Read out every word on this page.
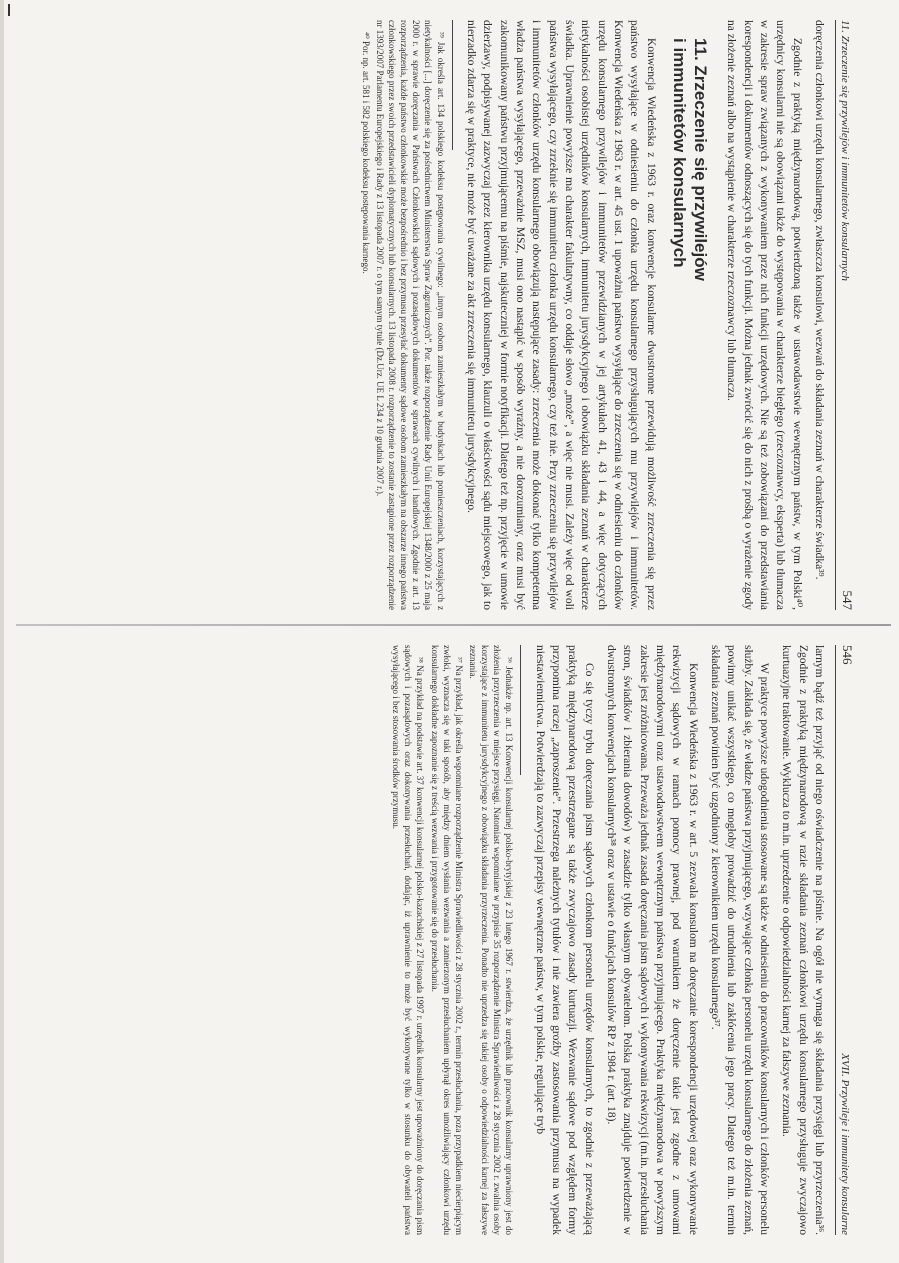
11. Zrzeczenie się przywilejów i immunitetów konsularnych
547

doręczenia członkowi urzędu konsularnego, zwłaszcza konsulowi, wezwań do składania zeznań w charakterze świadka³⁹.

Zgodnie z praktyką międzynarodową, potwierdzoną także w ustawodawstwie wewnętrznym państw, w tym Polski⁴⁰, urzędnicy konsularni nie są obowiązani także do występowania w charakterze biegłego (rzeczoznawcy, eksperta) lub tłumacza w zakresie spraw związanych z wykonywaniem przez nich funkcji urzędowych. Nie są też zobowiązani do przedstawiania korespondencji i dokumentów odnoszących się do tych funkcji. Można jednak zwrócić się do nich z prośbą o wyrażenie zgody na złożenie zeznań albo na wystąpienie w charakterze rzeczoznawcy lub tłumacza.

11. Zrzeczenie się przywilejów
i immunitetów konsularnych

Konwencja Wiedeńska z 1963 r. oraz konwencje konsularne dwustronne przewidują możliwość zrzeczenia się przez państwo wysyłające w odniesieniu do członka urzędu konsularnego przysługujących mu przywilejów i immunitetów. Konwencja Wiedeńska z 1963 r. w art. 45 ust. 1 upoważnia państwo wysyłające do zrzeczenia się w odniesieniu do członków urzędu konsularnego przywilejów i immunitetów przewidzianych w jej artykułach 41, 43 i 44, a więc dotyczących nietykalności osobistej urzędników konsularnych, immunitetu jurysdykcyjnego i obowiązku składania zeznań w charakterze świadka. Uprawnienie powyższe ma charakter fakultatywny, co oddaje słowo „może”, a więc nie musi. Zależy więc od woli państwa wysyłającego, czy zrzeknie się immunitetu członka urzędu konsularnego, czy też nie. Przy zrzeczeniu się przywilejów i immunitetów członków urzędu konsularnego obowiązują następujące zasady: zrzeczenia może dokonać tylko kompetentna władza państwa wysyłającego, przeważnie MSZ, musi ono nastąpić w sposób wyraźny, a nie dorozumiany, oraz musi być zakomunikowany państwu przyjmującemu na piśmie, najskuteczniej w formie notyfikacji. Dlatego też np. przyjęcie w umowie dzierżawy, podpisywanej zazwyczaj przez kierownika urzędu konsularnego, klauzuli o właściwości sądu miejscowego, jak to nierzadko zdarza się w praktyce, nie może być uważane za akt zrzeczenia się immunitetu jurysdykcyjnego.

³⁹ Jak określa art. 134 polskiego kodeksu postępowania cywilnego: „innym osobom zamieszkałym w budynkach lub pomieszczeniach, korzystających z nietykalności [...] doręczenie się za pośrednictwem Ministerstwa Spraw Zagranicznych”. Por. także rozporządzenie Rady Unii Europejskiej 1348/2000 z 25 maja 2000 r. w sprawie doręczania w Państwach Członkowskich sądowych i pozasądowych dokumentów w sprawach cywilnych i handlowych. Zgodnie z art. 13 rozporządzenia, każde państwo członkowskie może bezpośrednio i bez przymusu przesyłać dokumenty sądowe osobom zamieszkałym na obszarze innego państwa członkowskiego przez swoich przedstawicieli dyplomatycznych lub konsularnych. 13 listopada 2008 r. rozporządzenie to zostanie zastąpione przez rozporządzenie nr 1393/2007 Parlamentu Europejskiego i Rady z 13 listopada 2007 r. o tym samym tytule (Dz.Urz. UE L 234 z 10 grudnia 2007 r.).

⁴⁰ Por. np. art. 581 i 582 polskiego kodeksu postępowania karnego.

546
XVII. Przywileje i immunitety konsularne

larnym bądź też przyjąć od niego oświadczenie na piśmie. Na ogół nie wymaga się składania przysięgi lub przyrzeczenia³⁶. Zgodnie z praktyką międzynarodową w razie składania zeznań członkowi urzędu konsularnego przysługuje zwyczajowo kurtuazyjne traktowanie. Wyklucza to m.in. uprzedzenie o odpowiedzialności karnej za fałszywe zeznania.

W praktyce powyższe udogodnienia stosowane są także w odniesieniu do pracowników konsularnych i członków personelu służby. Zakłada się, że władze państwa przyjmującego, wzywające członka personelu urzędu konsularnego do złożenia zeznań, powinny unikać wszystkiego, co mogłoby prowadzić do utrudnienia lub zakłócenia jego pracy. Dlatego też m.in. termin składania zeznań powinien być uzgodniony z kierownikiem urzędu konsularnego³⁷.

Konwencja Wiedeńska z 1963 r. w art. 5 zezwala konsulom na doręczanie korespondencji urzędowej oraz wykonywanie rekwizycji sądowych w ramach pomocy prawnej, pod warunkiem że doręczenie takie jest zgodne z umowami międzynarodowymi oraz ustawodawstwem wewnętrznym państwa przyjmującego. Praktyka międzynarodowa w powyższym zakresie jest zróżnicowana. Przeważa jednak zasada doręczania pism sądowych i wykonywania rekwizycji (m.in. przesłuchania stron, świadków i zbierania dowodów) w zasadzie tylko własnym obywatelom. Polska praktyka znajduje potwierdzenie w dwustronnych konwencjach konsularnych³⁸ oraz w ustawie o funkcjach konsulów RP z 1984 r. (art. 18).

Co się tyczy trybu doręczania pism sądowych członkom personelu urzędów konsularnych, to zgodnie z przeważającą praktyką międzynarodową przestrzegane są także zwyczajowo zasady kurtuazji. Wezwanie sądowe pod względem formy przypomina raczej „zaproszenie”. Przestrzega należnych tytułów i nie zawiera groźby zastosowania przymusu na wypadek niestawiennictwa. Potwierdzają to zazwyczaj przepisy wewnętrzne państw, w tym polskie, regulujące tryb

³⁶ Jednakże np. art. 13 Konwencji konsularnej polsko-brytyjskiej z 23 lutego 1967 r. stwierdza, że urzędnik lub pracownik konsularny uprawniony jest do złożenia przyrzeczenia w miejsce przysięgi. Natomiast wspomniane w przypisie 35 rozporządzenie Ministra Sprawiedliwości z 28 stycznia 2002 r. zwalnia osoby korzystające z immunitetu jurysdykcyjnego z obowiązku składania przyrzeczenia. Ponadto nie uprzedza się takiej osoby o odpowiedzialności karnej za fałszywe zeznania.

³⁷ Na przykład, jak określa wspomniane rozporządzenie Ministra Sprawiedliwości z 28 stycznia 2002 r., termin przesłuchania, poza przypadkiem niecierpiącym zwłoki, wyznacza się w taki sposób, aby między dniem wysłania wezwania a zamierzonym przesłuchaniem upłynął okres umożliwiający członkowi urzędu konsularnego dokładne zapoznanie się z treścią wezwania i przygotowanie się do przesłuchania.

³⁸ Na przykład na podstawie art. 37 konwencji konsularnej polsko-kazachskiej z 27 listopada 1997 r. urzędnik konsularny jest upoważniony do doręczania pism sądowych i pozasądowych oraz dokonywania przesłuchań, dodając, iż uprawnienie to może być wykonywane tylko w stosunku do obywateli państwa wysyłającego i bez stosowania środków przymusu.
